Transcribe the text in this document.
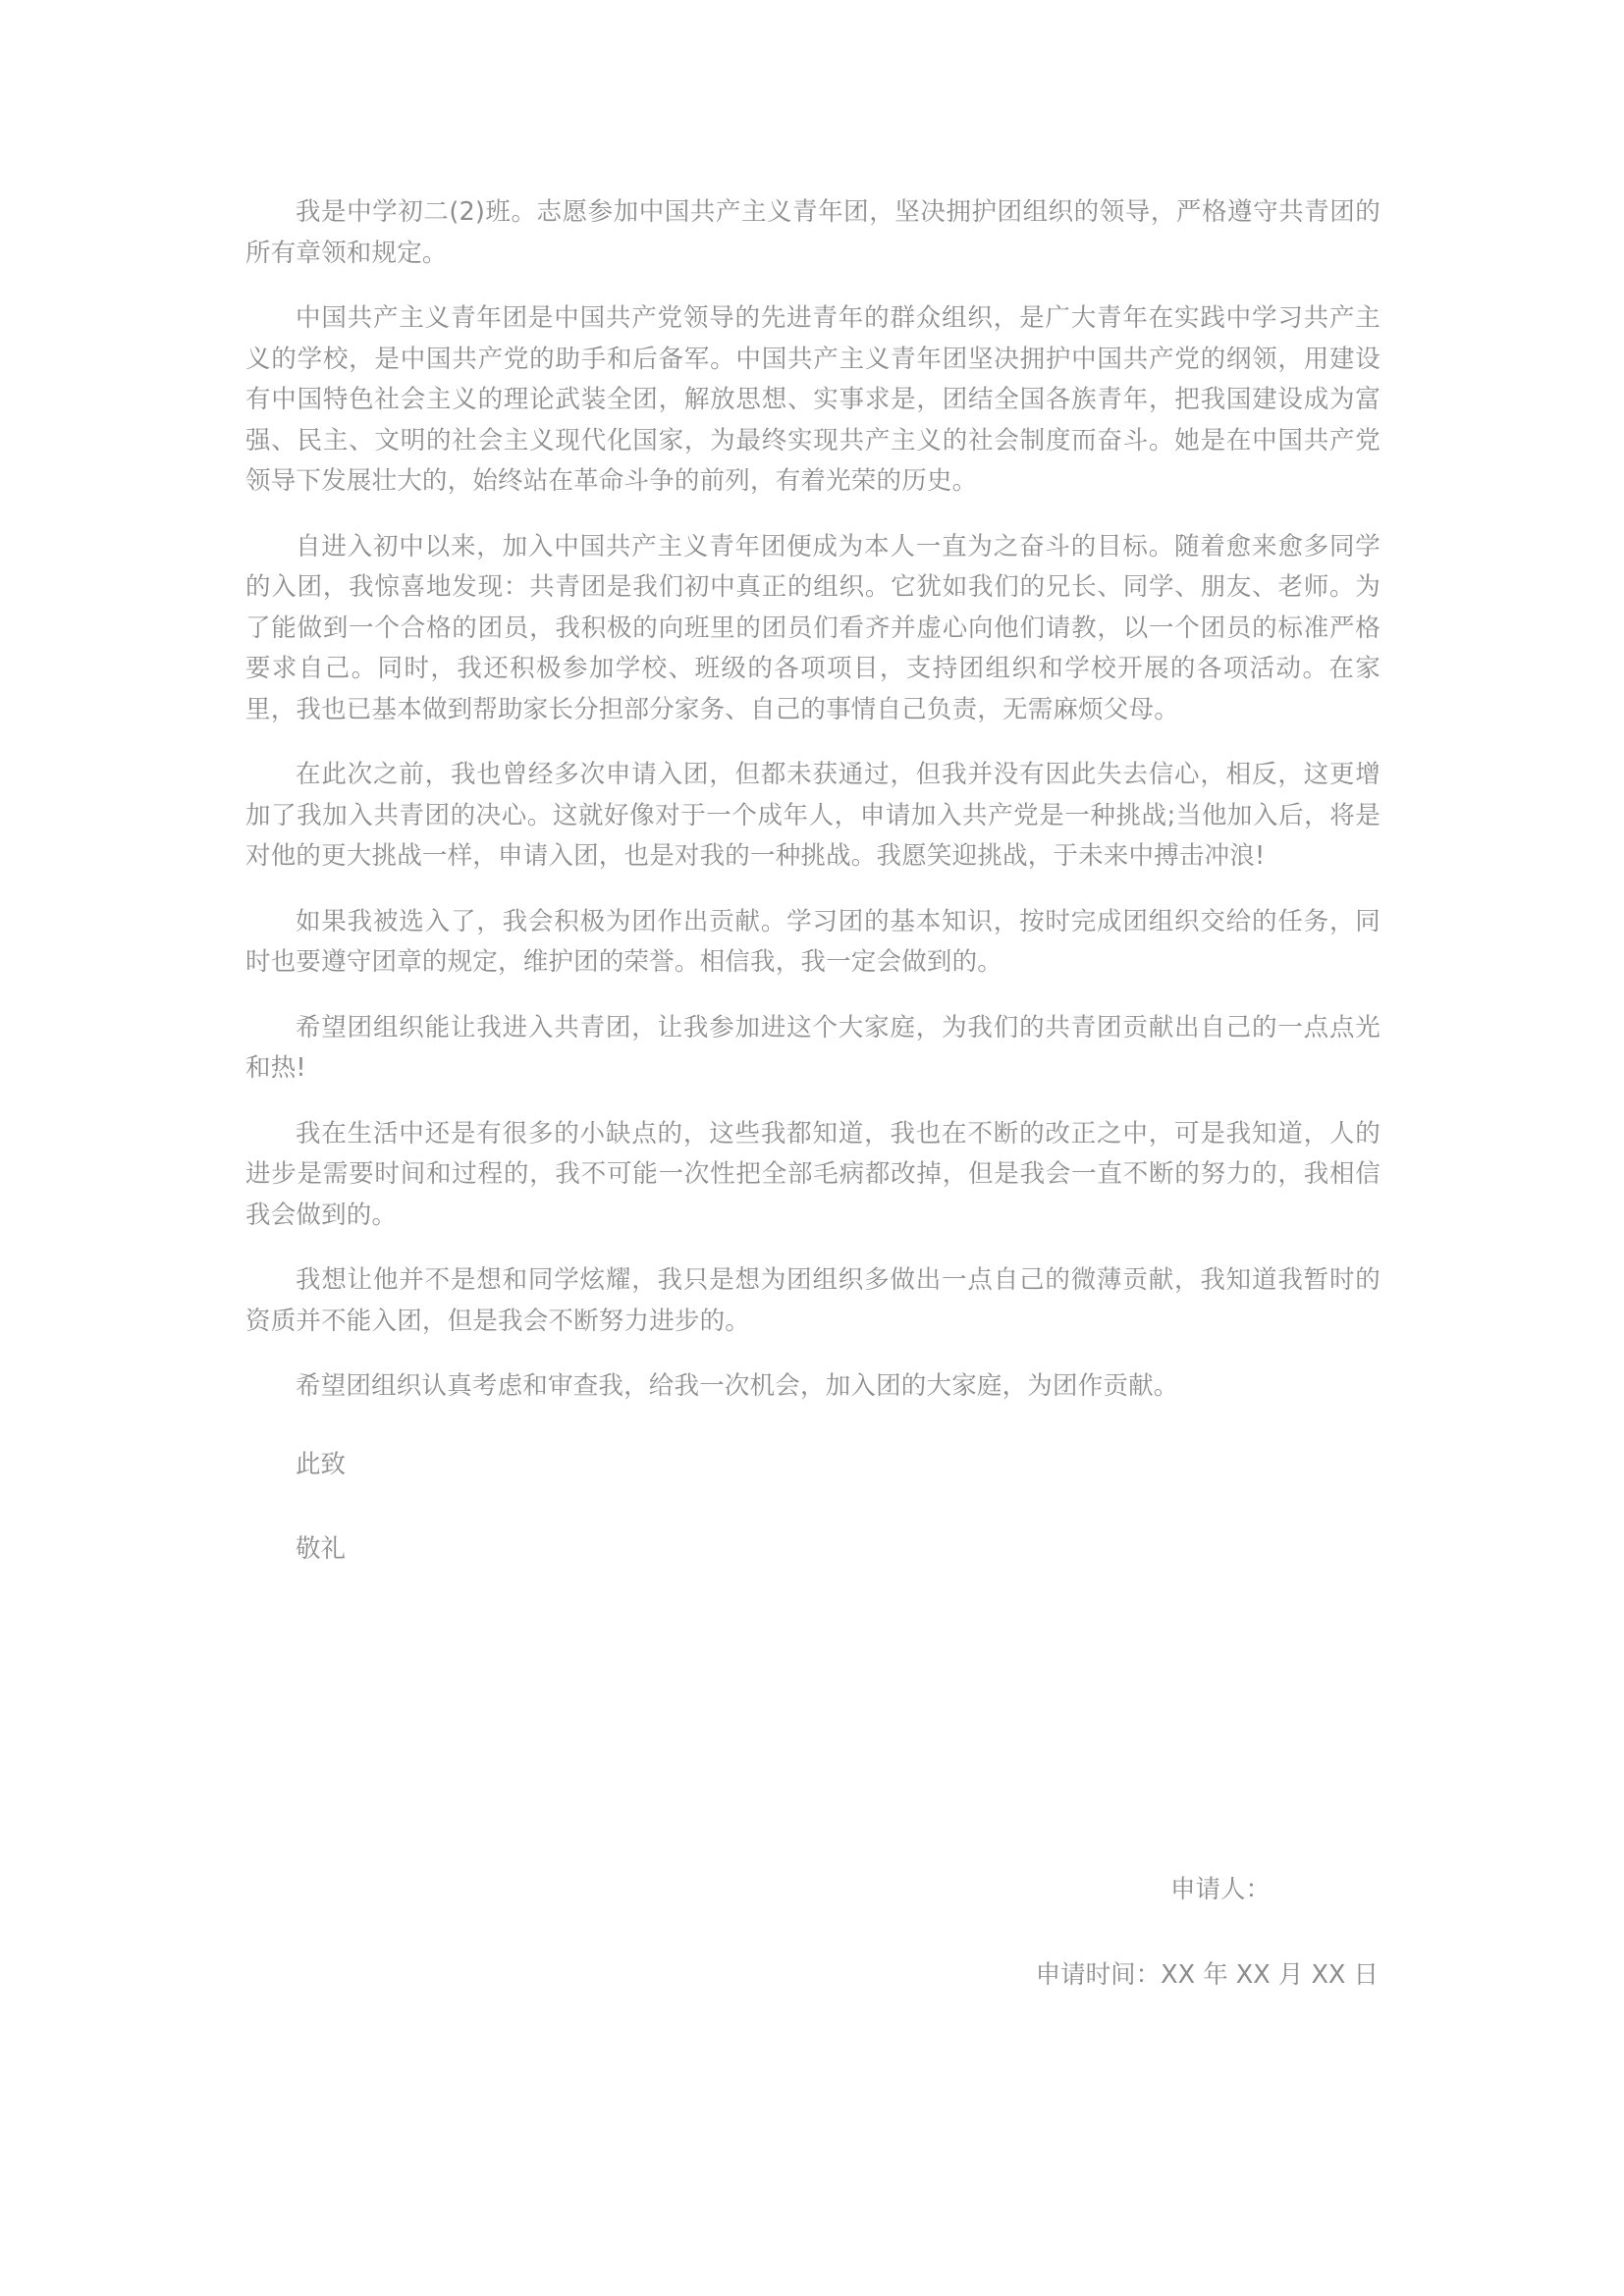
我是中学初二(2)班。志愿参加中国共产主义青年团，坚决拥护团组织的领导，严格遵守共青团的所有章领和规定。

中国共产主义青年团是中国共产党领导的先进青年的群众组织，是广大青年在实践中学习共产主义的学校，是中国共产党的助手和后备军。中国共产主义青年团坚决拥护中国共产党的纲领，用建设有中国特色社会主义的理论武装全团，解放思想、实事求是，团结全国各族青年，把我国建设成为富强、民主、文明的社会主义现代化国家，为最终实现共产主义的社会制度而奋斗。她是在中国共产党领导下发展壮大的，始终站在革命斗争的前列，有着光荣的历史。

自进入初中以来，加入中国共产主义青年团便成为本人一直为之奋斗的目标。随着愈来愈多同学的入团，我惊喜地发现：共青团是我们初中真正的组织。它犹如我们的兄长、同学、朋友、老师。为了能做到一个合格的团员，我积极的向班里的团员们看齐并虚心向他们请教，以一个团员的标准严格要求自己。同时，我还积极参加学校、班级的各项项目，支持团组织和学校开展的各项活动。在家里，我也已基本做到帮助家长分担部分家务、自己的事情自己负责，无需麻烦父母。

在此次之前，我也曾经多次申请入团，但都未获通过，但我并没有因此失去信心，相反，这更增加了我加入共青团的决心。这就好像对于一个成年人，申请加入共产党是一种挑战;当他加入后，将是对他的更大挑战一样，申请入团，也是对我的一种挑战。我愿笑迎挑战，于未来中搏击冲浪!

如果我被选入了，我会积极为团作出贡献。学习团的基本知识，按时完成团组织交给的任务，同时也要遵守团章的规定，维护团的荣誉。相信我，我一定会做到的。

希望团组织能让我进入共青团，让我参加进这个大家庭，为我们的共青团贡献出自己的一点点光和热!

我在生活中还是有很多的小缺点的，这些我都知道，我也在不断的改正之中，可是我知道，人的进步是需要时间和过程的，我不可能一次性把全部毛病都改掉，但是我会一直不断的努力的，我相信我会做到的。

我想让他并不是想和同学炫耀，我只是想为团组织多做出一点自己的微薄贡献，我知道我暂时的资质并不能入团，但是我会不断努力进步的。

希望团组织认真考虑和审查我，给我一次机会，加入团的大家庭，为团作贡献。

此致

敬礼

申请人：

申请时间：XX 年 XX 月 XX 日
